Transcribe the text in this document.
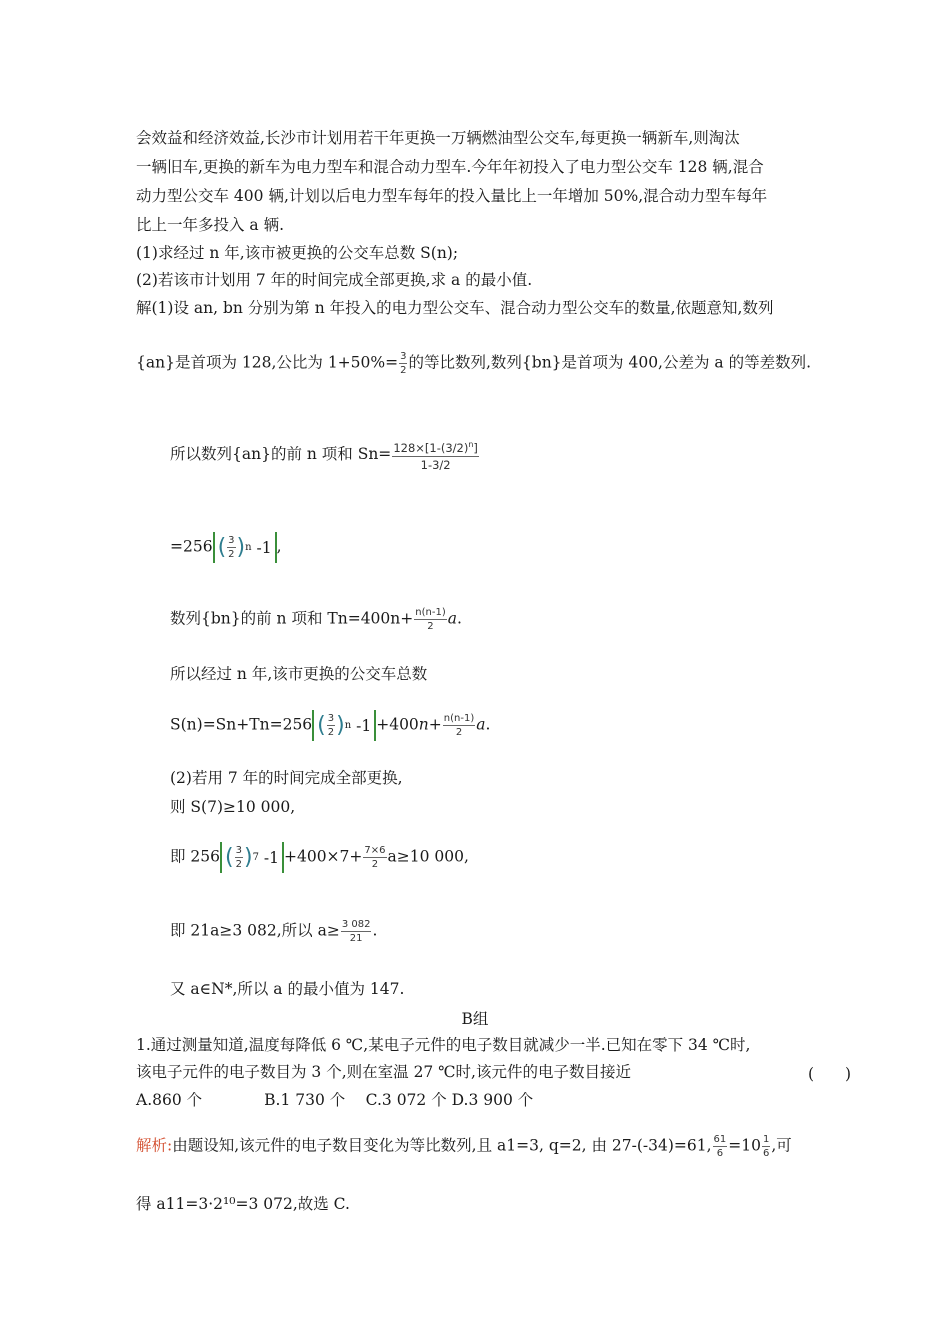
会效益和经济效益,长沙市计划用若干年更换一万辆燃油型公交车,每更换一辆新车,则淘汰
一辆旧车,更换的新车为电力型车和混合动力型车.今年年初投入了电力型公交车 128 辆,混合
动力型公交车 400 辆,计划以后电力型车每年的投入量比上一年增加 50%,混合动力型车每年
比上一年多投入 a 辆.
(1)求经过 n 年,该市被更换的公交车总数 S(n);
(2)若该市计划用 7 年的时间完成全部更换,求 a 的最小值.
解(1)设 an, bn 分别为第 n 年投入的电力型公交车、混合动力型公交车的数量,依题意知,数列
{an}是首项为 128,公比为 $1+50\%= \frac{3}{2}$ 的等比数列,数列{bn}是首项为 400,公差为 a 的等差数列.
所以数列{an}的前 n 项和 $Sn= \frac{128\times[1-(3/2)^n]}{1-3/2}$
=256 ( $\frac{3}{2}$ ) n -1 ,
数列{bn}的前 n 项和 $Tn=400n+ \frac{n(n-1)}{2} a$.
所以经过 n 年,该市更换的公交车总数
S(n)=Sn+Tn=256 ( $\frac{3}{2}$ ) n $-1 +400n+ \frac{n(n-1)}{2} a$.
(2)若用 7 年的时间完成全部更换,
则 S(7)≥10 000,
即 256 ( $\frac{3}{2}$ ) 7 $-1 +400\times 7+ \frac{7\times 6}{2} a\ge 10$ 000,
即 21a≥3 082,所以 $a\ge \frac{3 082}{21}$ .
又 a∈N*,所以 a 的最小值为 147.
B组
1.通过测量知道,温度每降低 6 ℃,某电子元件的电子数目就减少一半.已知在零下 34 ℃时,
该电子元件的电子数目为 3 个,则在室温 27 ℃时,该元件的电子数目接近	(　　)
A.860 个　　　　B.1 730 个　 C.3 072 个 D.3 900 个
解析:由题设知,该元件的电子数目变化为等比数列,且 a1=3, q=2, 由 27-(-34)=61, $\frac{61}{6} =10 \frac{1}{6}$ ,可
得 a11=3·2¹⁰=3 072,故选 C.
